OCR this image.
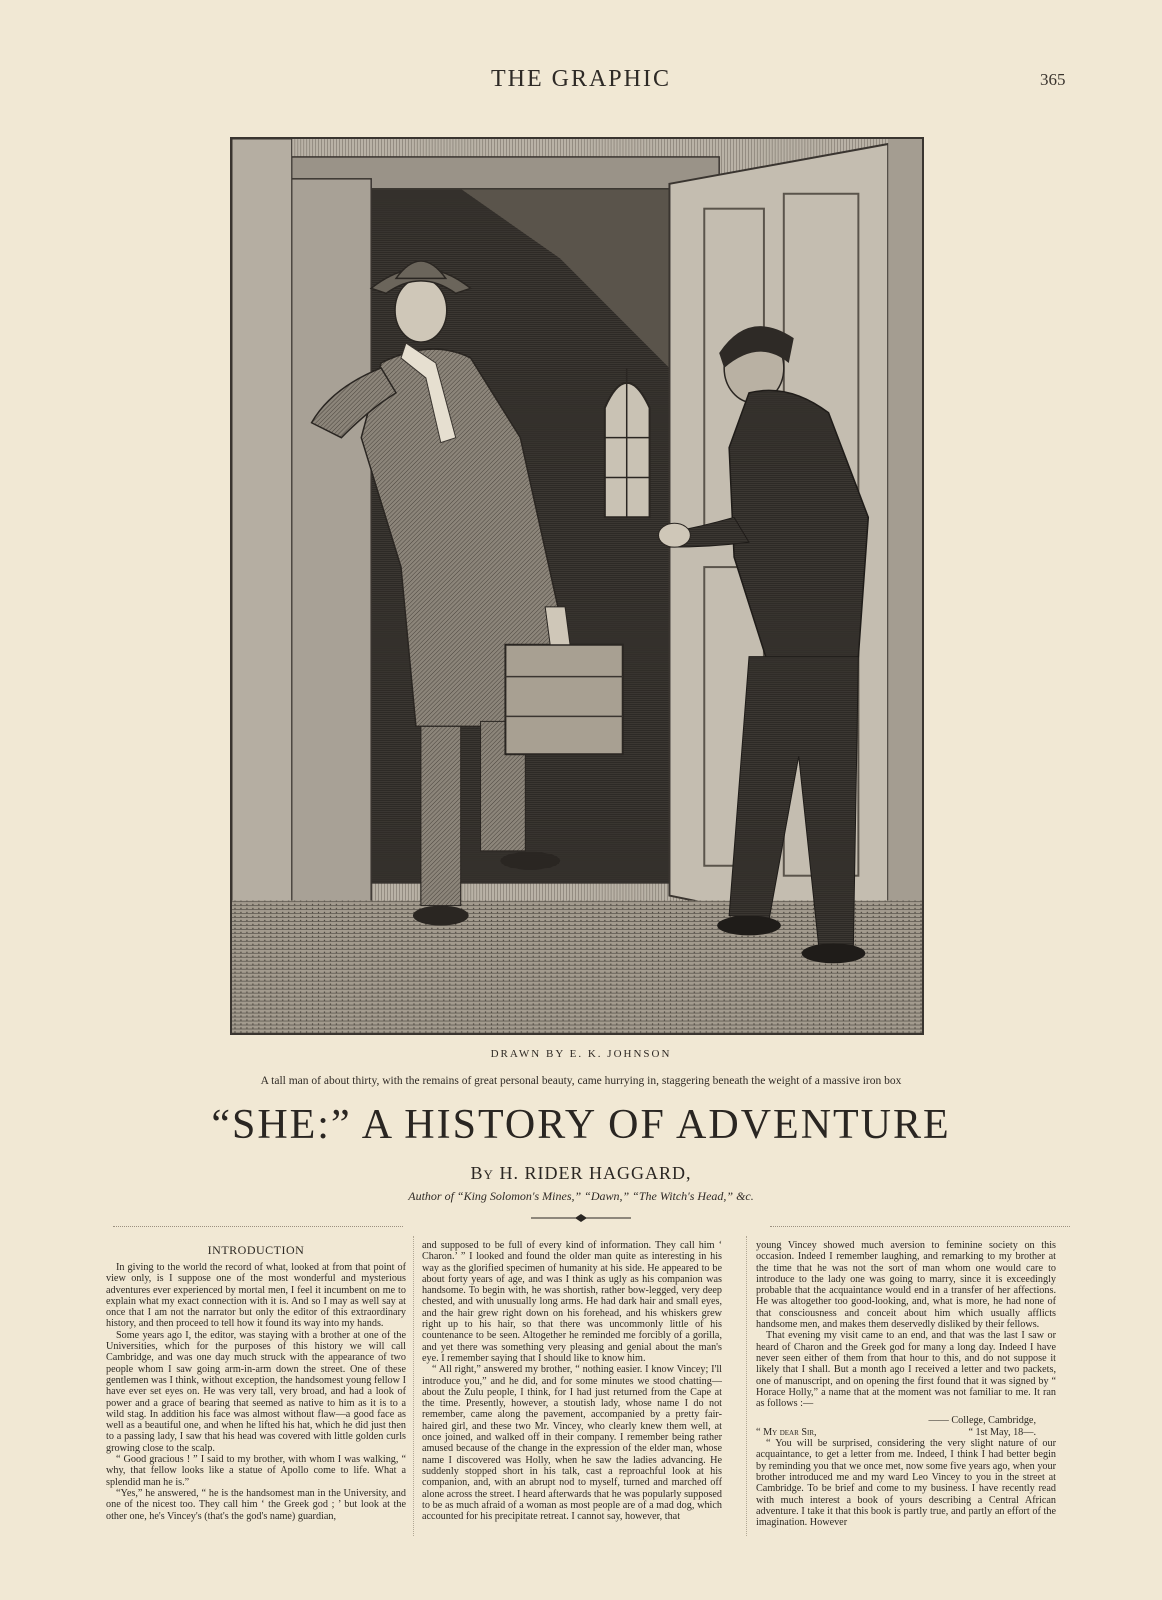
THE GRAPHIC	365
DRAWN BY E. K. JOHNSON
A tall man of about thirty, with the remains of great personal beauty, came hurrying in, staggering beneath the weight of a massive iron box
“SHE:” A HISTORY OF ADVENTURE
By H. RIDER HAGGARD,
Author of “King Solomon's Mines,” “Dawn,” “The Witch's Head,” &c.
INTRODUCTION

In giving to the world the record of what, looked at from that point of view only, is I suppose one of the most wonderful and mysterious adventures ever experienced by mortal men, I feel it incumbent on me to explain what my exact connection with it is. And so I may as well say at once that I am not the narrator but only the editor of this extraordinary history, and then proceed to tell how it found its way into my hands.

Some years ago I, the editor, was staying with a brother at one of the Universities, which for the purposes of this history we will call Cambridge, and was one day much struck with the appearance of two people whom I saw going arm-in-arm down the street. One of these gentlemen was I think, without exception, the handsomest young fellow I have ever set eyes on. He was very tall, very broad, and had a look of power and a grace of bearing that seemed as native to him as it is to a wild stag. In addition his face was almost without flaw—a good face as well as a beautiful one, and when he lifted his hat, which he did just then to a passing lady, I saw that his head was covered with little golden curls growing close to the scalp.

“ Good gracious ! ” I said to my brother, with whom I was walking, “ why, that fellow looks like a statue of Apollo come to life. What a splendid man he is.”

“Yes,” he answered, “ he is the handsomest man in the University, and one of the nicest too. They call him ‘ the Greek god ; ’ but look at the other one, he's Vincey's (that's the god's name) guardian,

and supposed to be full of every kind of information. They call him ‘ Charon.’ ” I looked and found the older man quite as interesting in his way as the glorified specimen of humanity at his side. He appeared to be about forty years of age, and was I think as ugly as his companion was handsome. To begin with, he was shortish, rather bow-legged, very deep chested, and with unusually long arms. He had dark hair and small eyes, and the hair grew right down on his forehead, and his whiskers grew right up to his hair, so that there was uncommonly little of his countenance to be seen. Altogether he reminded me forcibly of a gorilla, and yet there was something very pleasing and genial about the man's eye. I remember saying that I should like to know him.

“ All right,” answered my brother, “ nothing easier. I know Vincey; I'll introduce you,” and he did, and for some minutes we stood chatting—about the Zulu people, I think, for I had just returned from the Cape at the time. Presently, however, a stoutish lady, whose name I do not remember, came along the pavement, accompanied by a pretty fair-haired girl, and these two Mr. Vincey, who clearly knew them well, at once joined, and walked off in their company. I remember being rather amused because of the change in the expression of the elder man, whose name I discovered was Holly, when he saw the ladies advancing. He suddenly stopped short in his talk, cast a reproachful look at his companion, and, with an abrupt nod to myself, turned and marched off alone across the street. I heard afterwards that he was popularly supposed to be as much afraid of a woman as most people are of a mad dog, which accounted for his precipitate retreat. I cannot say, however, that

young Vincey showed much aversion to feminine society on this occasion. Indeed I remember laughing, and remarking to my brother at the time that he was not the sort of man whom one would care to introduce to the lady one was going to marry, since it is exceedingly probable that the acquaintance would end in a transfer of her affections. He was altogether too good-looking, and, what is more, he had none of that consciousness and conceit about him which usually afflicts handsome men, and makes them deservedly disliked by their fellows.

That evening my visit came to an end, and that was the last I saw or heard of Charon and the Greek god for many a long day. Indeed I have never seen either of them from that hour to this, and do not suppose it likely that I shall. But a month ago I received a letter and two packets, one of manuscript, and on opening the first found that it was signed by “ Horace Holly,” a name that at the moment was not familiar to me. It ran as follows :—

—— College, Cambridge,

“ My dear Sir,	“ 1st May, 18—.

“ You will be surprised, considering the very slight nature of our acquaintance, to get a letter from me. Indeed, I think I had better begin by reminding you that we once met, now some five years ago, when your brother introduced me and my ward Leo Vincey to you in the street at Cambridge. To be brief and come to my business. I have recently read with much interest a book of yours describing a Central African adventure. I take it that this book is partly true, and partly an effort of the imagination. However
